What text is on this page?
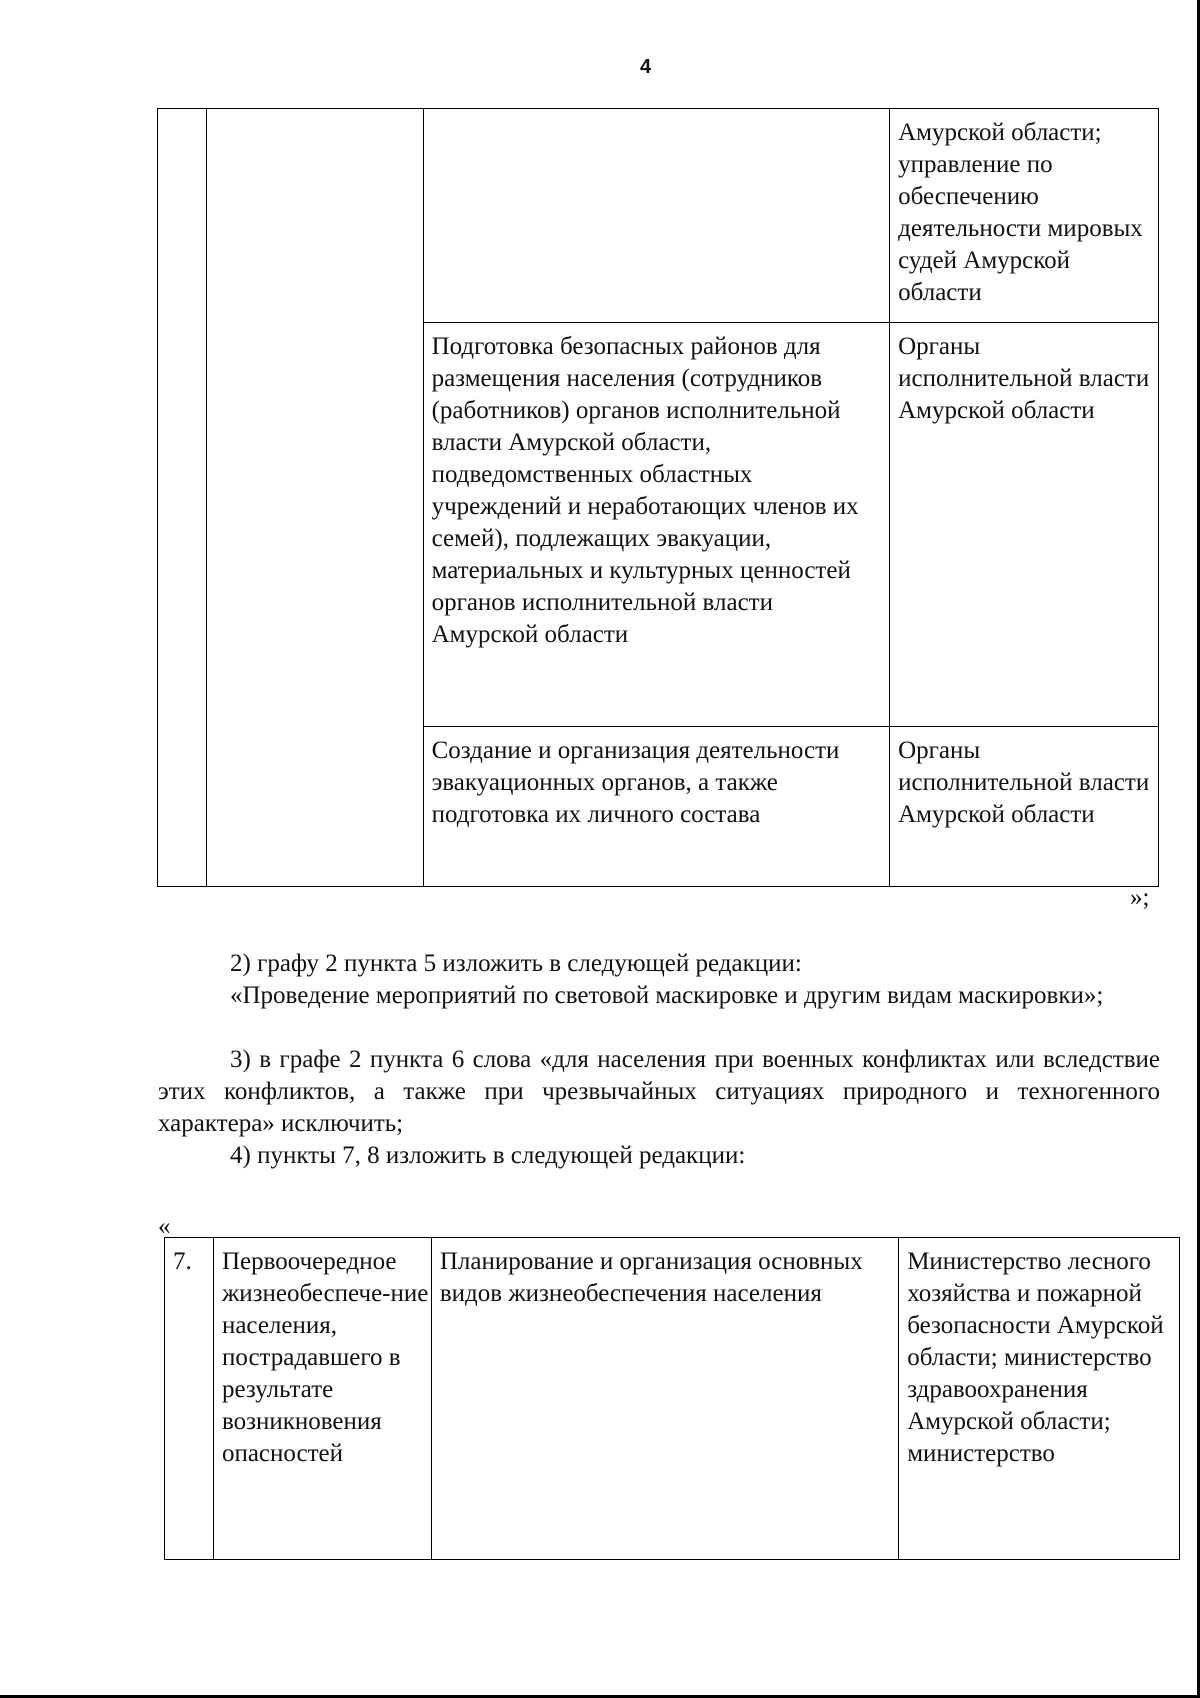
4
			Амурской области; управление по обеспечению деятельности мировых судей Амурской области
		Подготовка безопасных районов для размещения населения (сотрудников (работников) органов исполнительной власти Амурской области, подведомственных областных учреждений и неработающих членов их семей), подлежащих эвакуации, материальных и культурных ценностей органов исполнительной власти Амурской области	Органы исполнительной власти Амурской области
		Создание и организация деятельности эвакуационных органов, а также подготовка их личного состава	Органы исполнительной власти Амурской области
»;
2) графу 2 пункта 5 изложить в следующей редакции:
«Проведение мероприятий по световой маскировке и другим видам маскировки»;
3) в графе 2 пункта 6 слова «для населения при военных конфликтах или вследствие этих конфликтов, а также при чрезвычайных ситуациях природного и техногенного характера» исключить;
4) пункты 7, 8 изложить в следующей редакции:
«
7.	Первоочередное жизнеобеспече-ние населения, пострадавшего в результате возникновения опасностей	Планирование и организация основных видов жизнеобеспечения населения	Министерство лесного хозяйства и пожарной безопасности Амурской области; министерство здравоохранения Амурской области; министерство
